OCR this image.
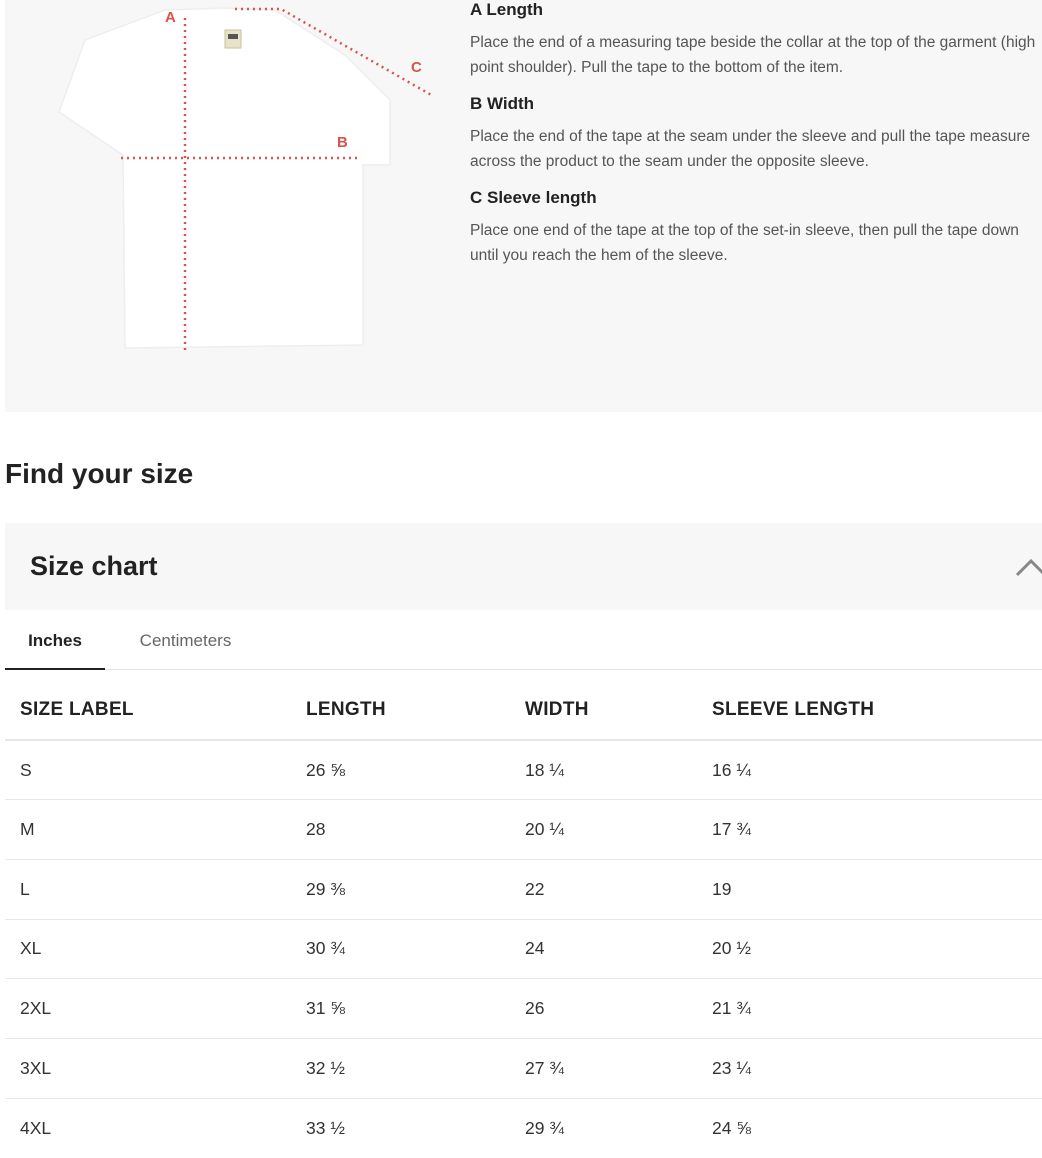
A
B
C
A Length
Place the end of a measuring tape beside the collar at the top of the garment (high point shoulder). Pull the tape to the bottom of the item.
B Width
Place the end of the tape at the seam under the sleeve and pull the tape measure across the product to the seam under the opposite sleeve.
C Sleeve length
Place one end of the tape at the top of the set-in sleeve, then pull the tape down until you reach the hem of the sleeve.
Find your size
Size chart
Inches	Centimeters
SIZE LABEL	LENGTH	WIDTH	SLEEVE LENGTH
S	26 ⅝	18 ¼	16 ¼
M	28	20 ¼	17 ¾
L	29 ⅜	22	19
XL	30 ¾	24	20 ½
2XL	31 ⅝	26	21 ¾
3XL	32 ½	27 ¾	23 ¼
4XL	33 ½	29 ¾	24 ⅝
